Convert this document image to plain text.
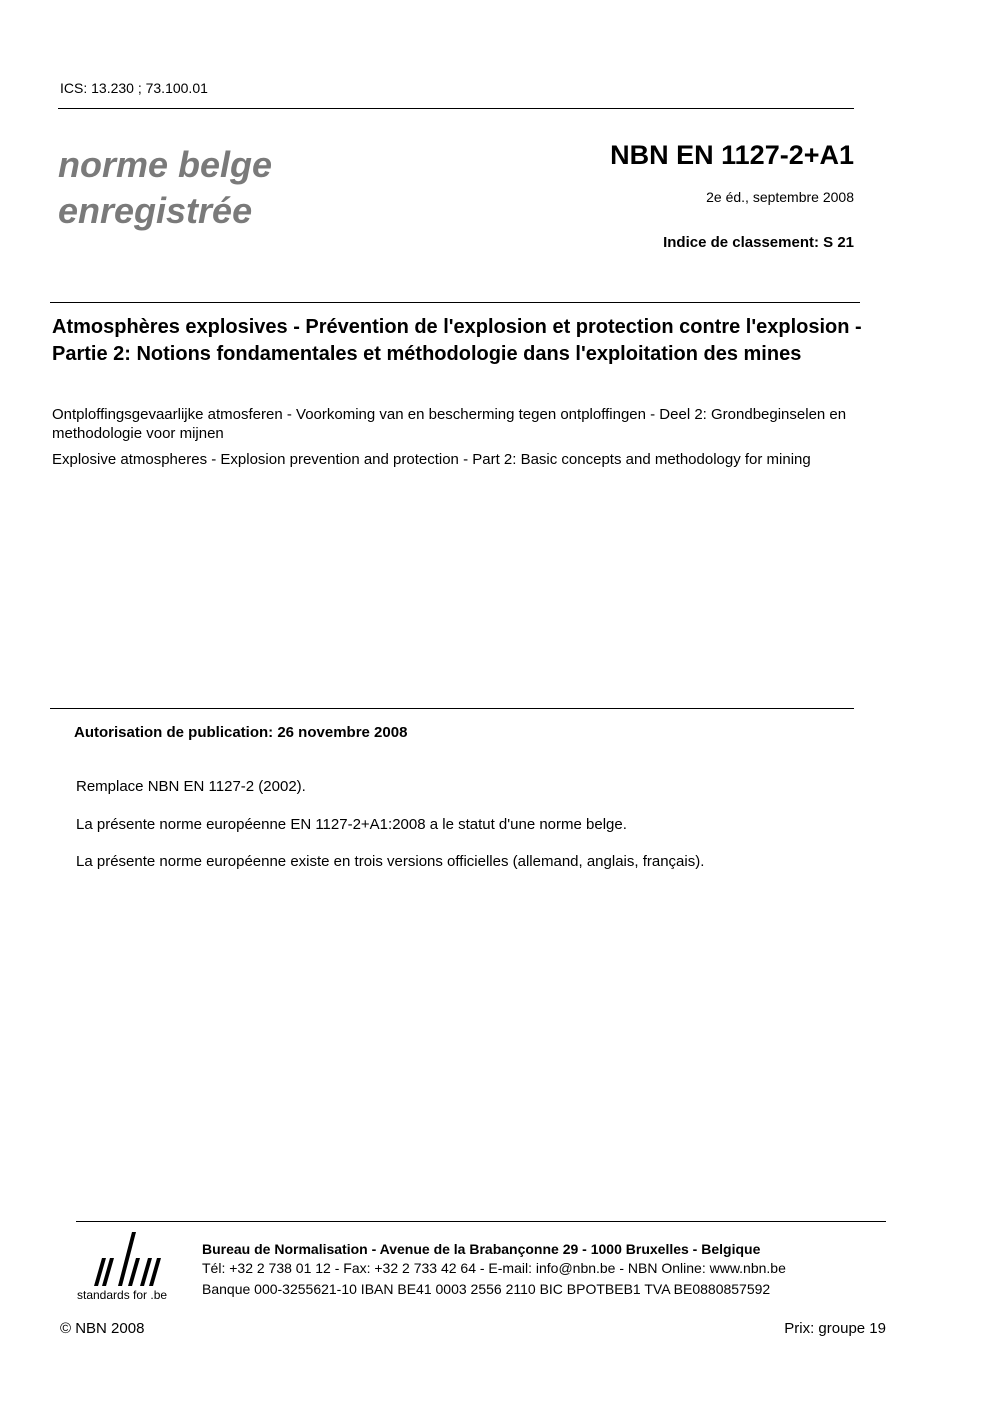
ICS: 13.230 ; 73.100.01
norme belge
enregistrée
NBN EN 1127-2+A1
2e éd., septembre 2008
Indice de classement: S 21
Atmosphères explosives - Prévention de l'explosion et protection contre l'explosion - Partie 2: Notions fondamentales et méthodologie dans l'exploitation des mines
Ontploffingsgevaarlijke atmosferen - Voorkoming van en bescherming tegen ontploffingen - Deel 2: Grondbeginselen en methodologie voor mijnen
Explosive atmospheres - Explosion prevention and protection - Part 2: Basic concepts and methodology for mining
Autorisation de publication: 26 novembre 2008
Remplace NBN EN 1127-2 (2002).
La présente norme européenne EN 1127-2+A1:2008 a le statut d'une norme belge.
La présente norme européenne existe en trois versions officielles (allemand, anglais, français).
standards for .be
Bureau de Normalisation - Avenue de la Brabançonne 29 - 1000 Bruxelles - Belgique
Tél: +32 2 738 01 12 - Fax: +32 2 733 42 64 - E-mail: info@nbn.be - NBN Online: www.nbn.be
Banque 000-3255621-10 IBAN BE41 0003 2556 2110 BIC BPOTBEB1 TVA BE0880857592
© NBN 2008	Prix: groupe 19
